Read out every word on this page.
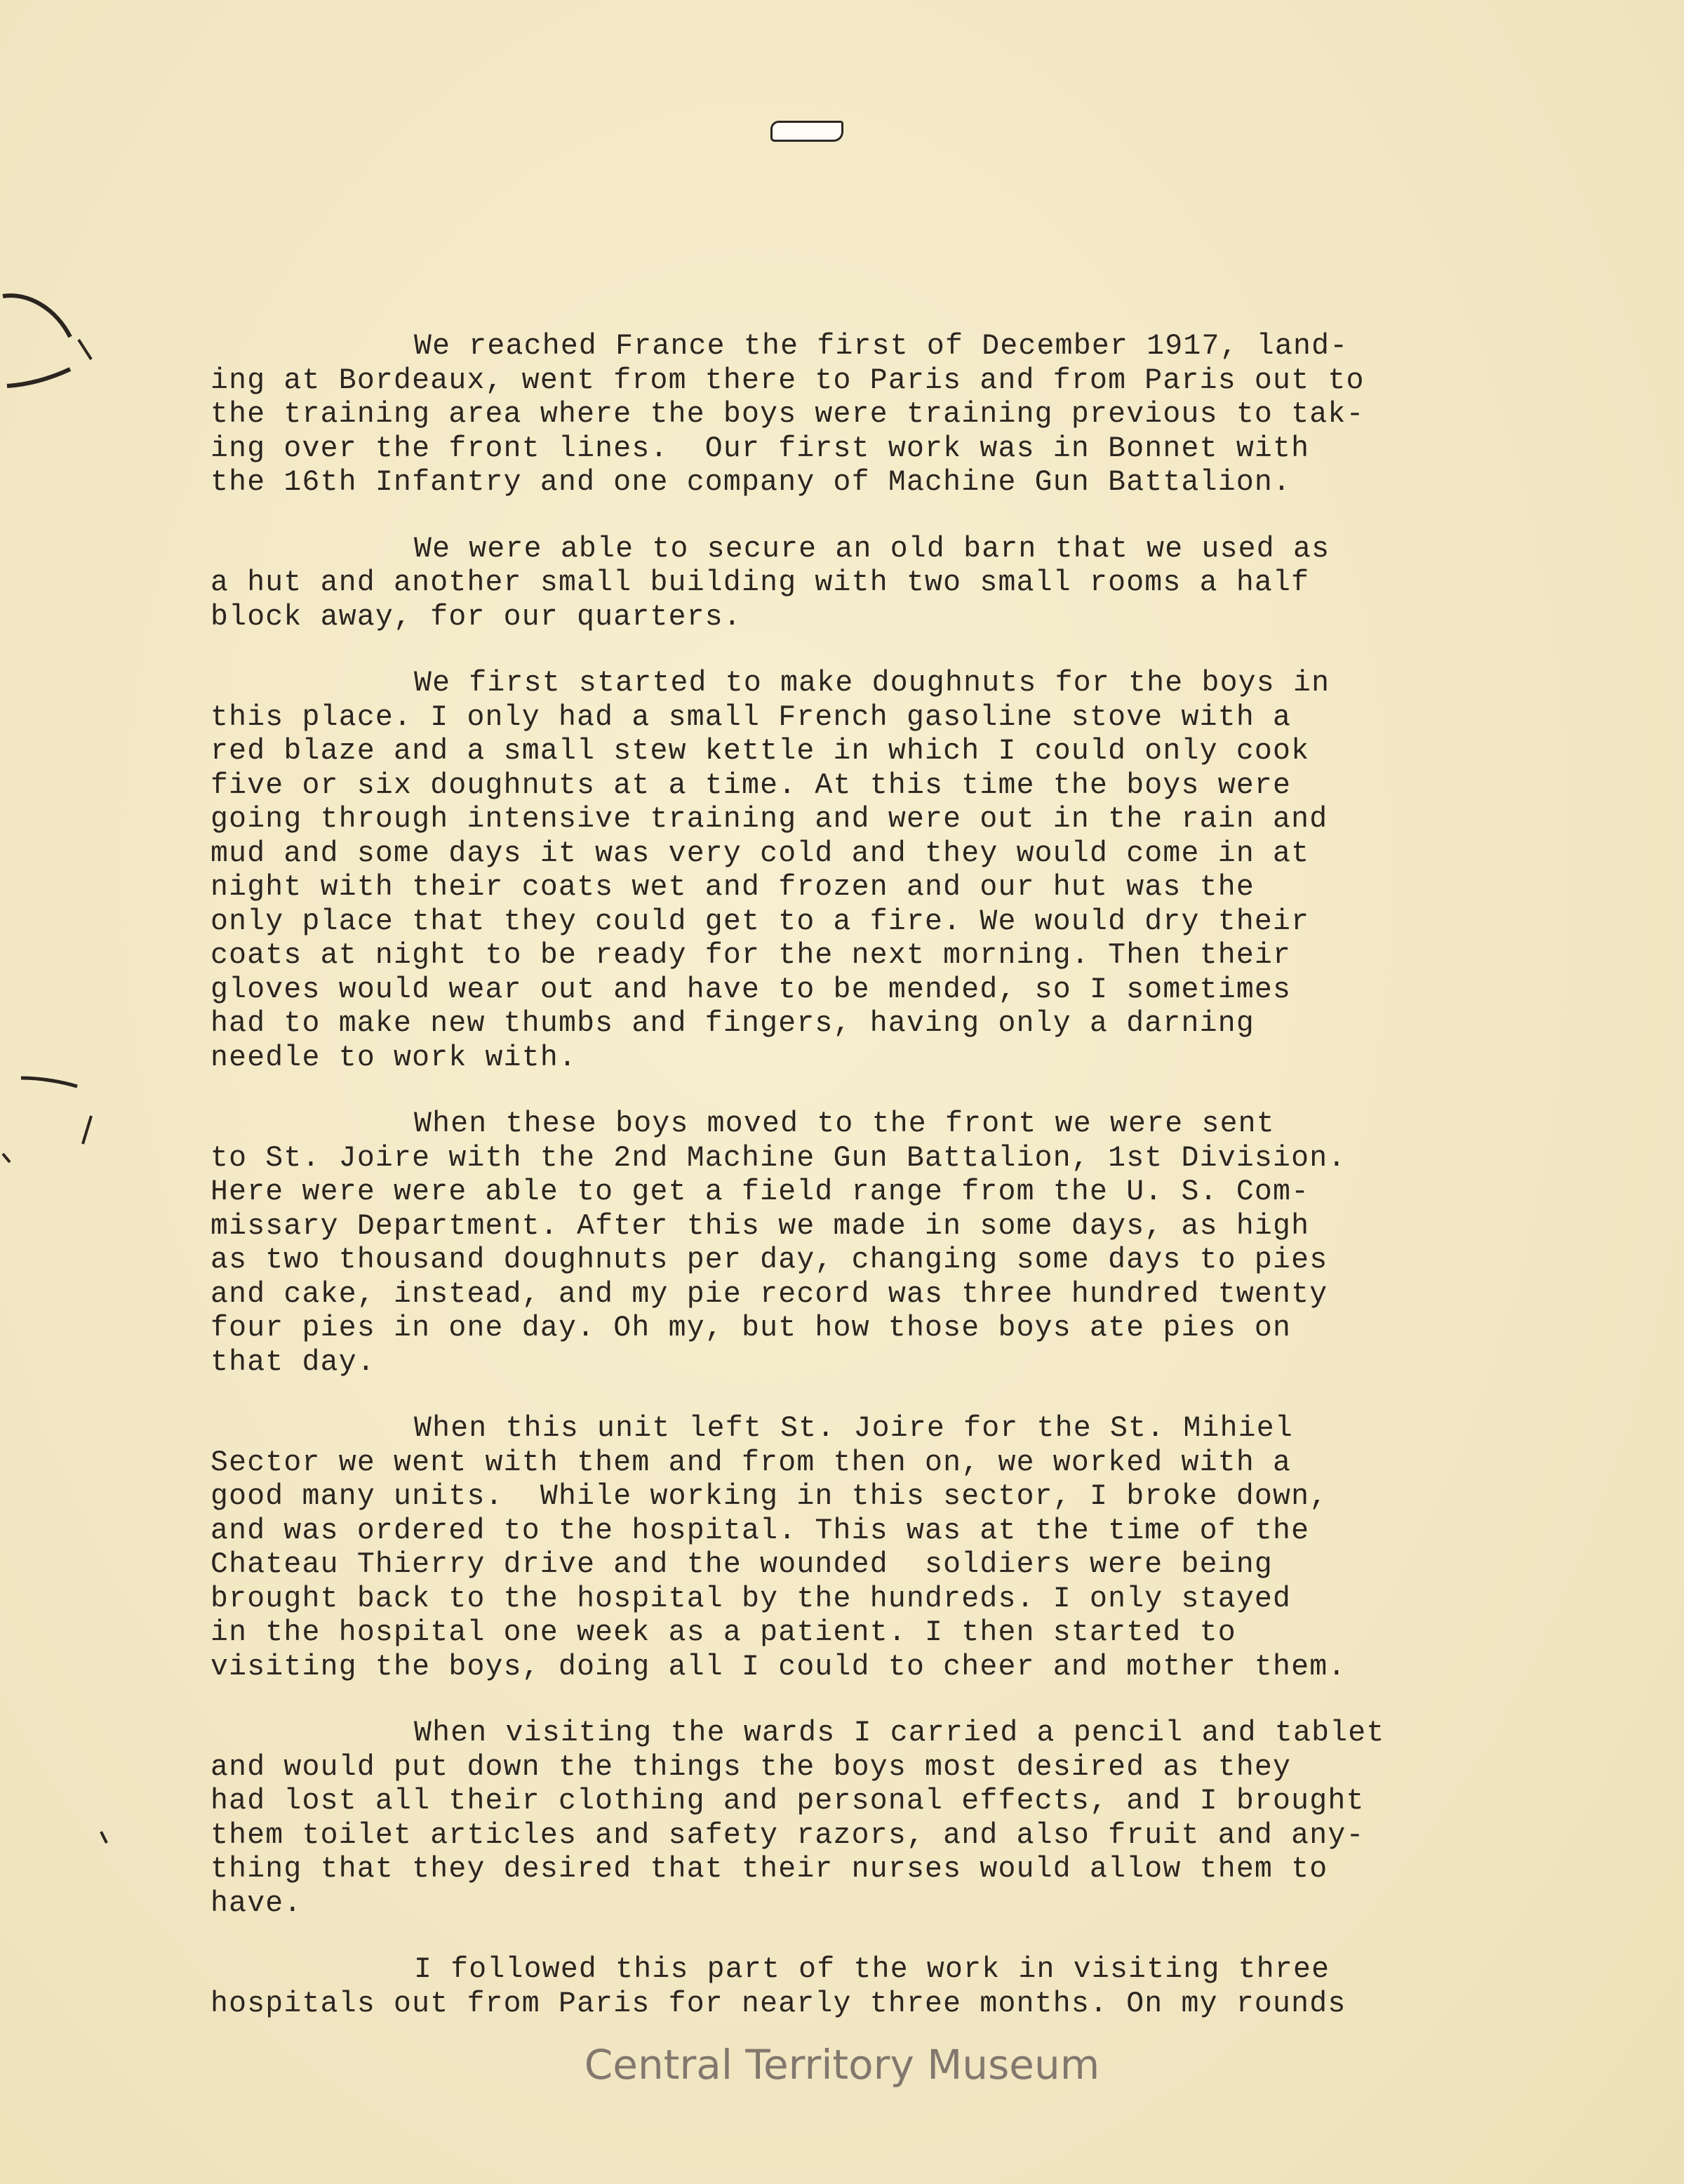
We reached France the first of December 1917, land-
ing at Bordeaux, went from there to Paris and from Paris out to
the training area where the boys were training previous to tak-
ing over the front lines.  Our first work was in Bonnet with
the 16th Infantry and one company of Machine Gun Battalion.
We were able to secure an old barn that we used as
a hut and another small building with two small rooms a half
block away, for our quarters.
We first started to make doughnuts for the boys in
this place. I only had a small French gasoline stove with a
red blaze and a small stew kettle in which I could only cook
five or six doughnuts at a time. At this time the boys were
going through intensive training and were out in the rain and
mud and some days it was very cold and they would come in at
night with their coats wet and frozen and our hut was the
only place that they could get to a fire. We would dry their
coats at night to be ready for the next morning. Then their
gloves would wear out and have to be mended, so I sometimes
had to make new thumbs and fingers, having only a darning
needle to work with.
When these boys moved to the front we were sent
to St. Joire with the 2nd Machine Gun Battalion, 1st Division.
Here were were able to get a field range from the U. S. Com-
missary Department. After this we made in some days, as high
as two thousand doughnuts per day, changing some days to pies
and cake, instead, and my pie record was three hundred twenty
four pies in one day. Oh my, but how those boys ate pies on
that day.
When this unit left St. Joire for the St. Mihiel
Sector we went with them and from then on, we worked with a
good many units.  While working in this sector, I broke down,
and was ordered to the hospital. This was at the time of the
Chateau Thierry drive and the wounded  soldiers were being
brought back to the hospital by the hundreds. I only stayed
in the hospital one week as a patient. I then started to
visiting the boys, doing all I could to cheer and mother them.
When visiting the wards I carried a pencil and tablet
and would put down the things the boys most desired as they
had lost all their clothing and personal effects, and I brought
them toilet articles and safety razors, and also fruit and any-
thing that they desired that their nurses would allow them to
have.
I followed this part of the work in visiting three
hospitals out from Paris for nearly three months. On my rounds
Central Territory Museum
